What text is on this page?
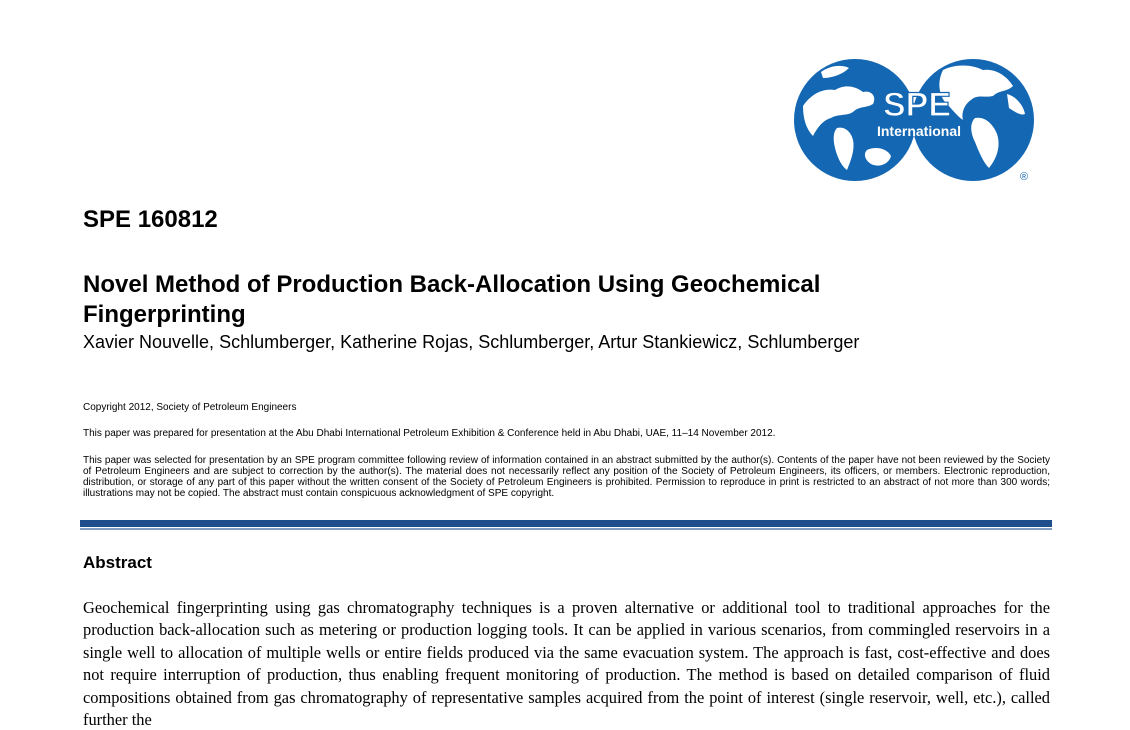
SPE
International
®
SPE 160812
Novel Method of Production Back-Allocation Using Geochemical Fingerprinting
Xavier Nouvelle, Schlumberger, Katherine Rojas, Schlumberger, Artur Stankiewicz, Schlumberger

Copyright 2012, Society of Petroleum Engineers

This paper was prepared for presentation at the Abu Dhabi International Petroleum Exhibition & Conference held in Abu Dhabi, UAE, 11–14 November 2012.

This paper was selected for presentation by an SPE program committee following review of information contained in an abstract submitted by the author(s). Contents of the paper have not been reviewed by the Society of Petroleum Engineers and are subject to correction by the author(s). The material does not necessarily reflect any position of the Society of Petroleum Engineers, its officers, or members. Electronic reproduction, distribution, or storage of any part of this paper without the written consent of the Society of Petroleum Engineers is prohibited. Permission to reproduce in print is restricted to an abstract of not more than 300 words; illustrations may not be copied. The abstract must contain conspicuous acknowledgment of SPE copyright.

Abstract

Geochemical fingerprinting using gas chromatography techniques is a proven alternative or additional tool to traditional approaches for the production back-allocation such as metering or production logging tools. It can be applied in various scenarios, from commingled reservoirs in a single well to allocation of multiple wells or entire fields produced via the same evacuation system. The approach is fast, cost-effective and does not require interruption of production, thus enabling frequent monitoring of production. The method is based on detailed comparison of fluid compositions obtained from gas chromatography of representative samples acquired from the point of interest (single reservoir, well, etc.), called further the
